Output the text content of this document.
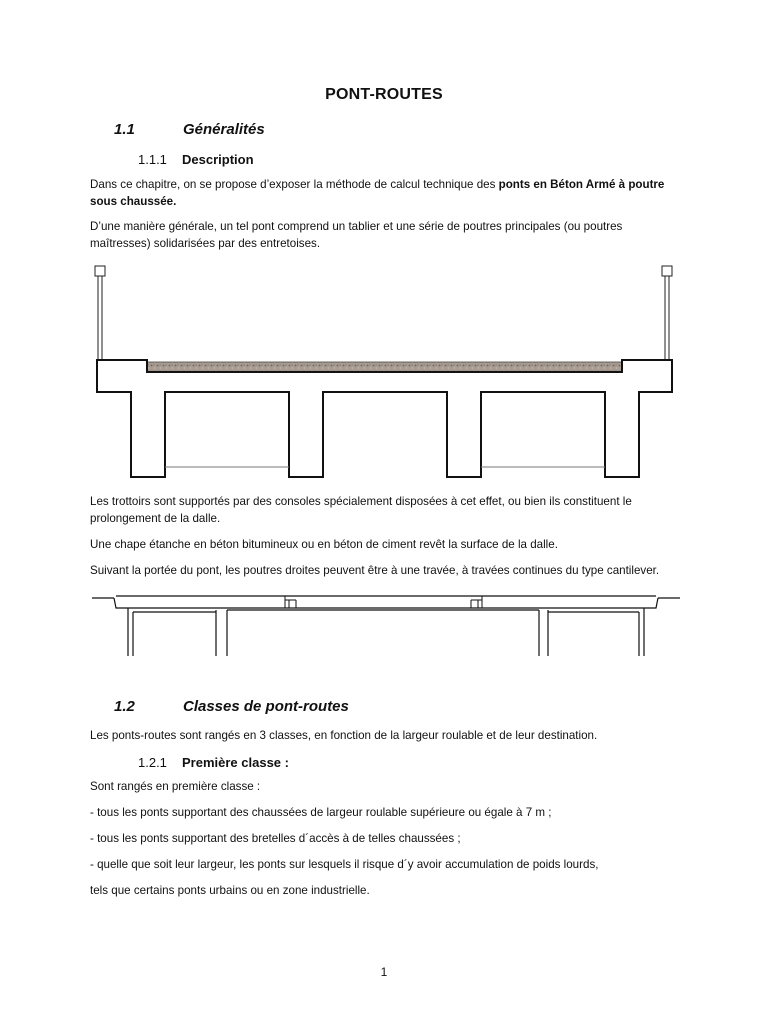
PONT-ROUTES
1.1	Généralités
1.1.1 Description
Dans ce chapitre, on se propose d’exposer la méthode de calcul technique des ponts en Béton Armé à poutre sous chaussée.
D’une manière générale, un tel pont comprend un tablier et une série de poutres principales (ou poutres maîtresses) solidarisées par des entretoises.
Les trottoirs sont supportés par des consoles spécialement disposées à cet effet, ou bien ils constituent le prolongement de la dalle.
Une chape étanche en béton bitumineux ou en béton de ciment revêt la surface de la dalle.
Suivant la portée du pont, les poutres droites peuvent être à une travée, à travées continues du type cantilever.
1.2	Classes de pont-routes
Les ponts-routes sont rangés en 3 classes, en fonction de la largeur roulable et de leur destination.
1.2.1 Première classe :
Sont rangés en première classe :
- tous les ponts supportant des chaussées de largeur roulable supérieure ou égale à 7 m ;
- tous les ponts supportant des bretelles d´accès à de telles chaussées ;
- quelle que soit leur largeur, les ponts sur lesquels il risque d´y avoir accumulation de poids lourds,
tels que certains ponts urbains ou en zone industrielle.
1
